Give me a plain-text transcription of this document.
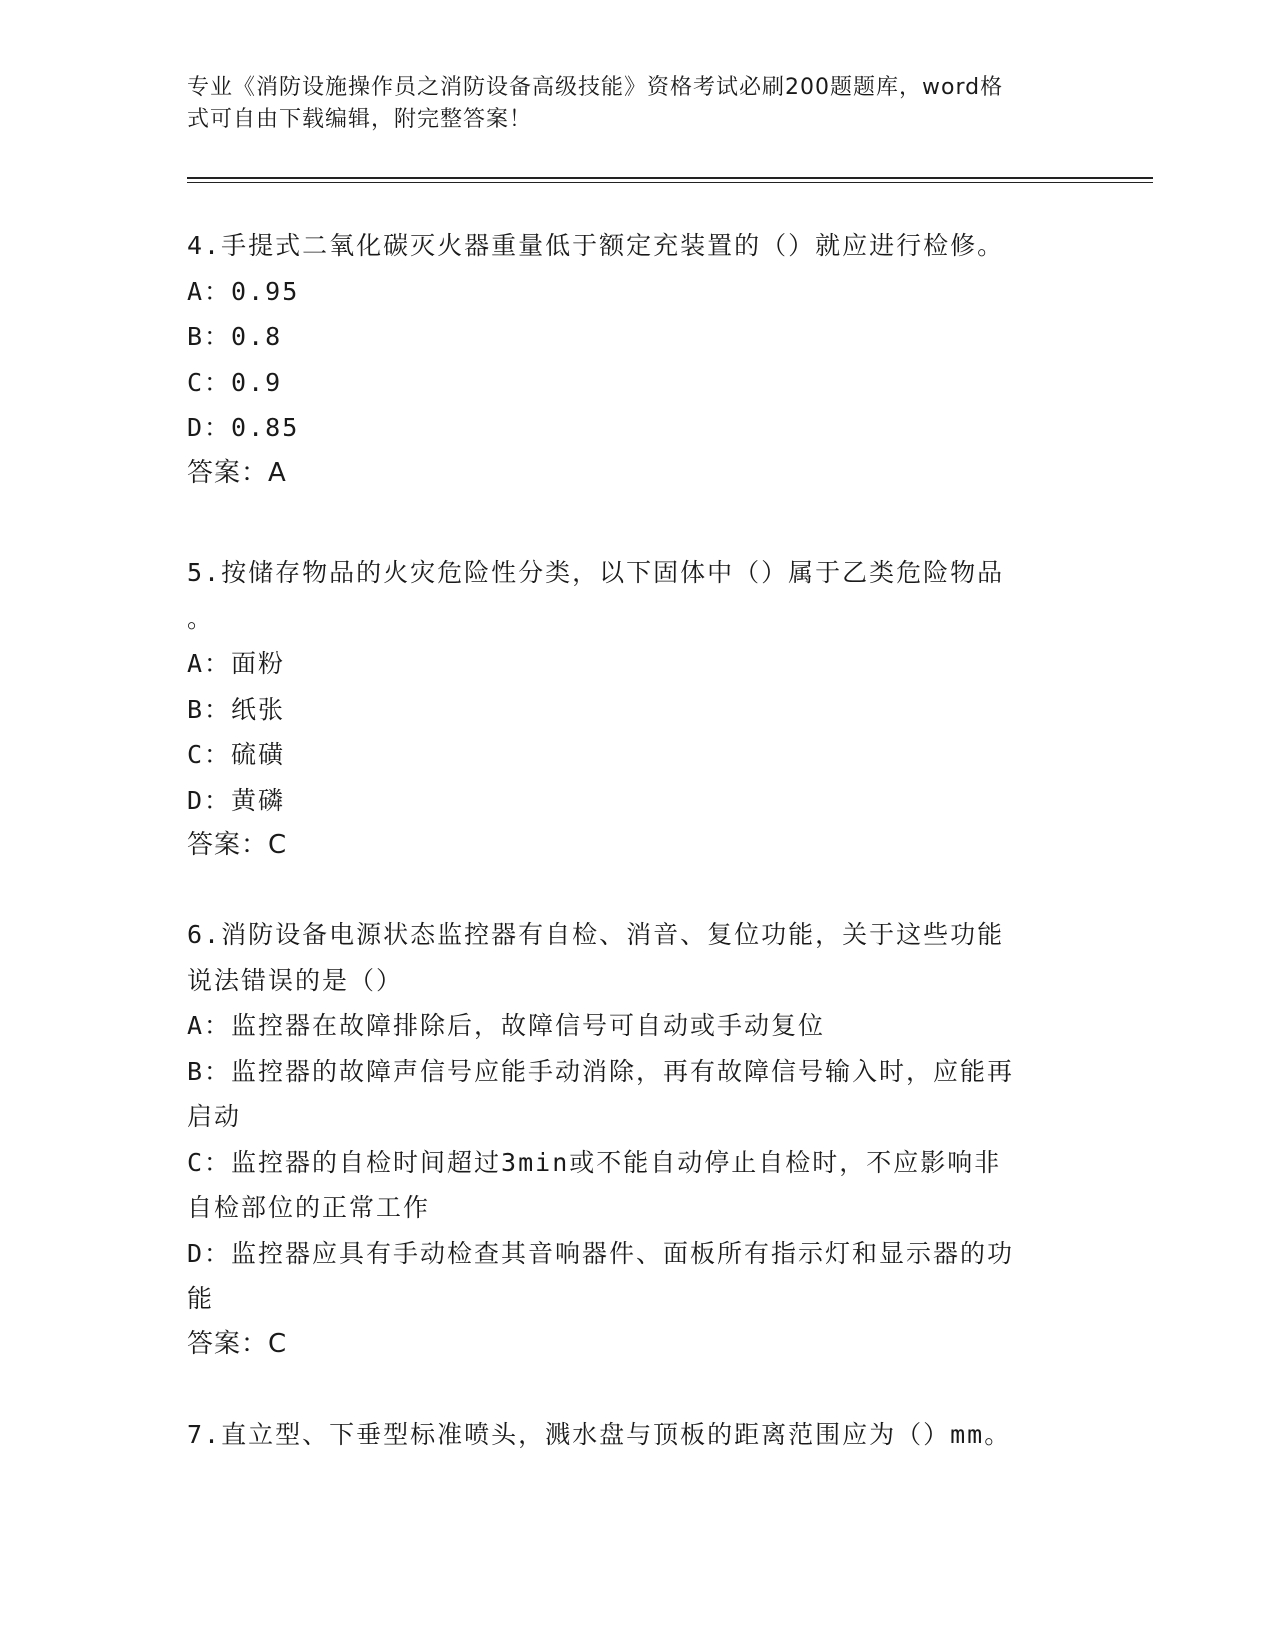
专业《消防设施操作员之消防设备高级技能》资格考试必刷200题题库，word格
式可自由下载编辑，附完整答案！
4.手提式二氧化碳灭火器重量低于额定充装置的（）就应进行检修。
A：0.95
B：0.8
C：0.9
D：0.85
答案：A
5.按储存物品的火灾危险性分类，以下固体中（）属于乙类危险物品
。
A：面粉
B：纸张
C：硫磺
D：黄磷
答案：C
6.消防设备电源状态监控器有自检、消音、复位功能，关于这些功能
说法错误的是（）
A：监控器在故障排除后，故障信号可自动或手动复位
B：监控器的故障声信号应能手动消除，再有故障信号输入时，应能再
启动
C：监控器的自检时间超过3min或不能自动停止自检时，不应影响非
自检部位的正常工作
D：监控器应具有手动检查其音响器件、面板所有指示灯和显示器的功
能
答案：C
7.直立型、下垂型标准喷头，溅水盘与顶板的距离范围应为（）mm。
